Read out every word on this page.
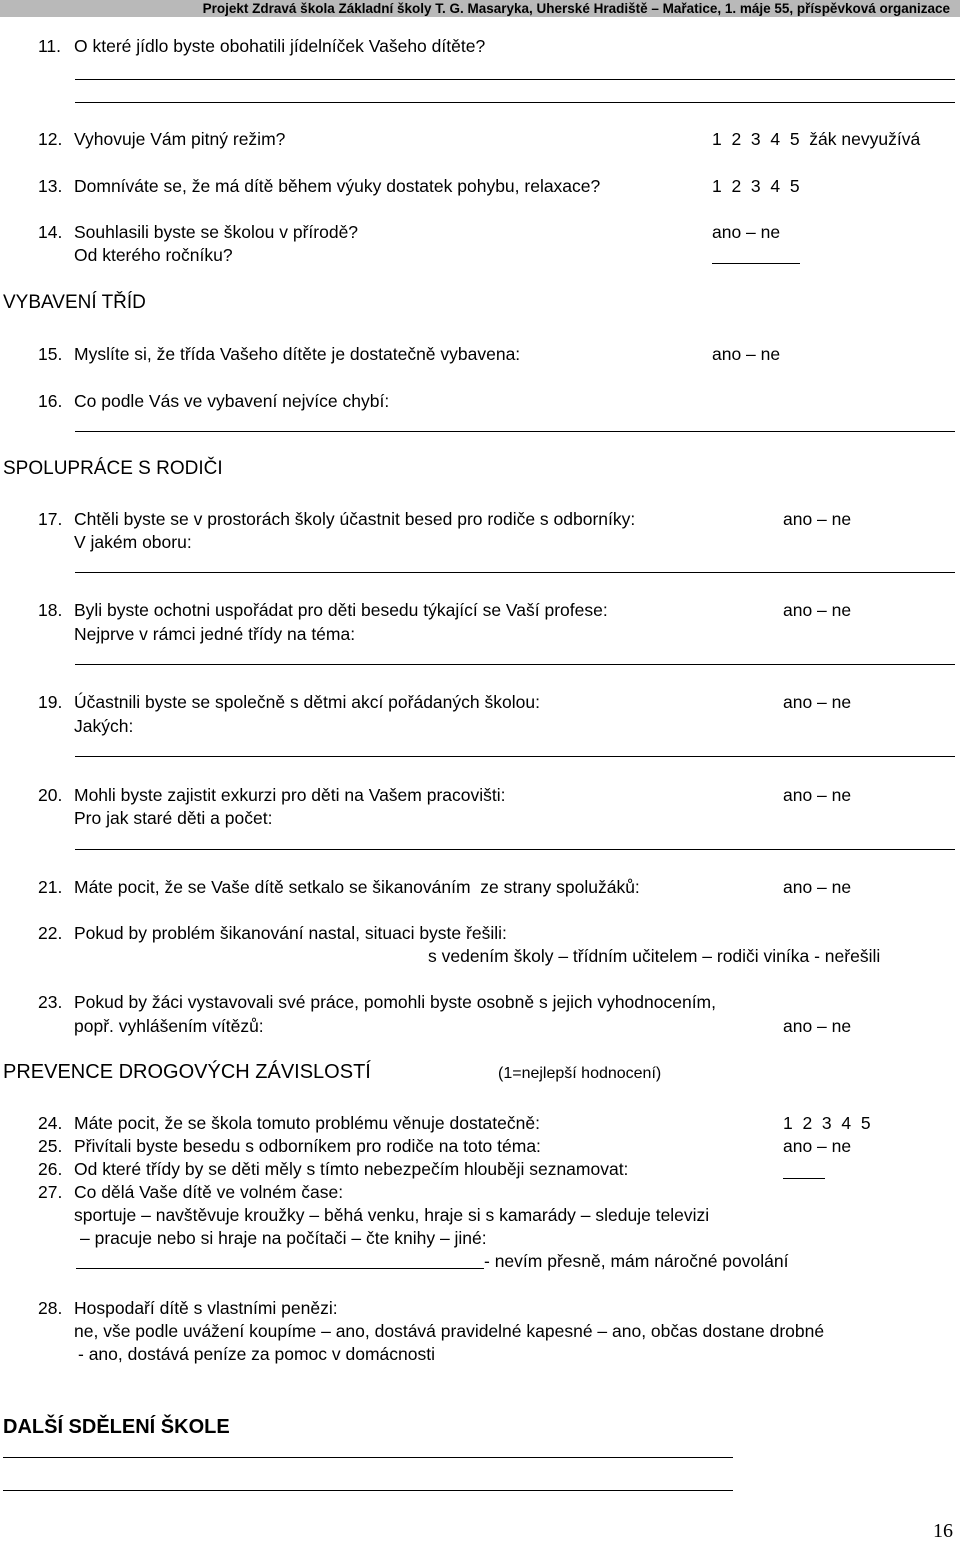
Projekt Zdravá škola Základní školy T. G. Masaryka, Uherské Hradiště – Mařatice, 1. máje 55, příspěvková organizace
11. O které jídlo byste obohatili jídelníček Vašeho dítěte?
12. Vyhovuje Vám pitný režim?	1  2  3  4  5  žák nevyužívá
13. Domníváte se, že má dítě během výuky dostatek pohybu, relaxace?	1  2  3  4  5
14. Souhlasili byste se školou v přírodě?	ano – ne
Od kterého ročníku?
VYBAVENÍ TŘÍD
15. Myslíte si, že třída Vašeho dítěte je dostatečně vybavena:	ano – ne
16. Co podle Vás ve vybavení nejvíce chybí:
SPOLUPRÁCE S RODIČI
17. Chtěli byste se v prostorách školy účastnit besed pro rodiče s odborníky:	ano – ne
V jakém oboru:
18. Byli byste ochotni uspořádat pro děti besedu týkající se Vaší profese:	ano – ne
Nejprve v rámci jedné třídy na téma:
19. Účastnili byste se společně s dětmi akcí pořádaných školou:	ano – ne
Jakých:
20. Mohli byste zajistit exkurzi pro děti na Vašem pracovišti:	ano – ne
Pro jak staré děti a počet:
21. Máte pocit, že se Vaše dítě setkalo se šikanováním  ze strany spolužáků:	ano – ne
22. Pokud by problém šikanování nastal, situaci byste řešili:
s vedením školy – třídním učitelem – rodiči viníka - neřešili
23. Pokud by žáci vystavovali své práce, pomohli byste osobně s jejich vyhodnocením,
popř. vyhlášením vítězů:	ano – ne
PREVENCE DROGOVÝCH ZÁVISLOSTÍ	(1=nejlepší hodnocení)
24. Máte pocit, že se škola tomuto problému věnuje dostatečně:	1  2  3  4  5
25. Přivítali byste besedu s odborníkem pro rodiče na toto téma:	ano – ne
26. Od které třídy by se děti měly s tímto nebezpečím hlouběji seznamovat:
27. Co dělá Vaše dítě ve volném čase:
sportuje – navštěvuje kroužky – běhá venku, hraje si s kamarády – sleduje televizi
– pracuje nebo si hraje na počítači – čte knihy – jiné:
- nevím přesně, mám náročné povolání
28. Hospodaří dítě s vlastními penězi:
ne, vše podle uvážení koupíme – ano, dostává pravidelné kapesné – ano, občas dostane drobné
- ano, dostává peníze za pomoc v domácnosti
DALŠÍ SDĚLENÍ ŠKOLE
16
